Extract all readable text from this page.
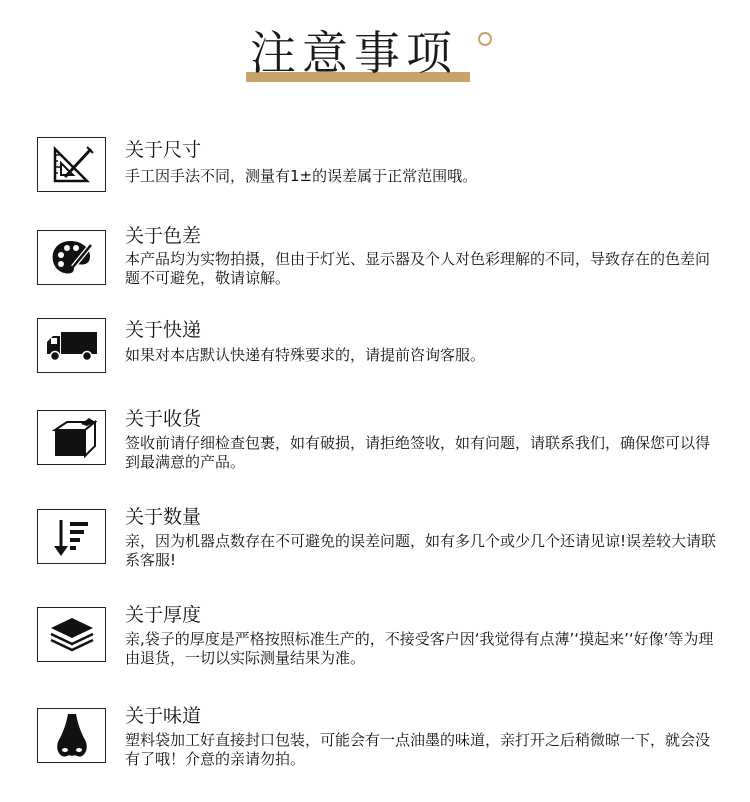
注意事项
关于尺寸
手工因手法不同，测量有1±的误差属于正常范围哦。
关于色差
本产品均为实物拍摄，但由于灯光、显示器及个人对色彩理解的不同，导致存在的色差问题不可避免，敬请谅解。
关于快递
如果对本店默认快递有特殊要求的，请提前咨询客服。
关于收货
签收前请仔细检查包裹，如有破损，请拒绝签收，如有问题，请联系我们，确保您可以得到最满意的产品。
关于数量
亲，因为机器点数存在不可避免的误差问题，如有多几个或少几个还请见谅!误差较大请联系客服!
关于厚度
亲,袋子的厚度是严格按照标准生产的，不接受客户因‘我觉得有点薄’‘摸起来’‘好像’等为理由退货，一切以实际测量结果为准。
关于味道
塑料袋加工好直接封口包装，可能会有一点油墨的味道，亲打开之后稍微晾一下，就会没有了哦！介意的亲请勿拍。
